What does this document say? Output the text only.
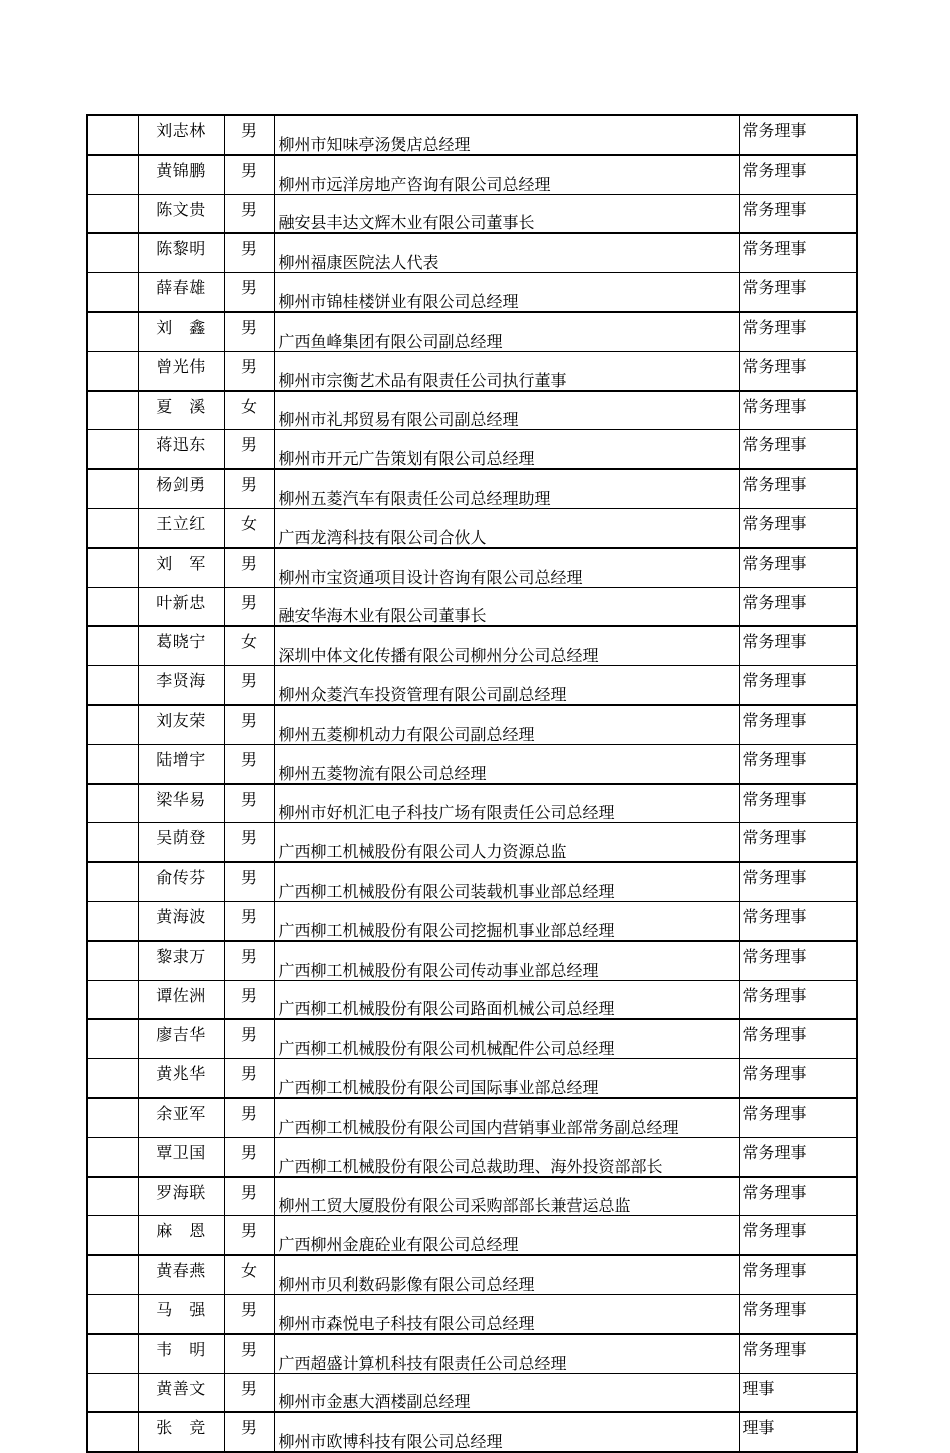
	刘志林	男	柳州市知味亭汤煲店总经理	常务理事
	黄锦鹏	男	柳州市远洋房地产咨询有限公司总经理	常务理事
	陈文贵	男	融安县丰达文辉木业有限公司董事长	常务理事
	陈黎明	男	柳州福康医院法人代表	常务理事
	薛春雄	男	柳州市锦桂楼饼业有限公司总经理	常务理事
	刘　鑫	男	广西鱼峰集团有限公司副总经理	常务理事
	曾光伟	男	柳州市宗衡艺术品有限责任公司执行董事	常务理事
	夏　溪	女	柳州市礼邦贸易有限公司副总经理	常务理事
	蒋迅东	男	柳州市开元广告策划有限公司总经理	常务理事
	杨剑勇	男	柳州五菱汽车有限责任公司总经理助理	常务理事
	王立红	女	广西龙湾科技有限公司合伙人	常务理事
	刘　军	男	柳州市宝资通项目设计咨询有限公司总经理	常务理事
	叶新忠	男	融安华海木业有限公司董事长	常务理事
	葛晓宁	女	深圳中体文化传播有限公司柳州分公司总经理	常务理事
	李贤海	男	柳州众菱汽车投资管理有限公司副总经理	常务理事
	刘友荣	男	柳州五菱柳机动力有限公司副总经理	常务理事
	陆增宇	男	柳州五菱物流有限公司总经理	常务理事
	梁华易	男	柳州市好机汇电子科技广场有限责任公司总经理	常务理事
	吴荫登	男	广西柳工机械股份有限公司人力资源总监	常务理事
	俞传芬	男	广西柳工机械股份有限公司装载机事业部总经理	常务理事
	黄海波	男	广西柳工机械股份有限公司挖掘机事业部总经理	常务理事
	黎隶万	男	广西柳工机械股份有限公司传动事业部总经理	常务理事
	谭佐洲	男	广西柳工机械股份有限公司路面机械公司总经理	常务理事
	廖吉华	男	广西柳工机械股份有限公司机械配件公司总经理	常务理事
	黄兆华	男	广西柳工机械股份有限公司国际事业部总经理	常务理事
	余亚军	男	广西柳工机械股份有限公司国内营销事业部常务副总经理	常务理事
	覃卫国	男	广西柳工机械股份有限公司总裁助理、海外投资部部长	常务理事
	罗海联	男	柳州工贸大厦股份有限公司采购部部长兼营运总监	常务理事
	麻　恩	男	广西柳州金鹿砼业有限公司总经理	常务理事
	黄春燕	女	柳州市贝利数码影像有限公司总经理	常务理事
	马　强	男	柳州市森悦电子科技有限公司总经理	常务理事
	韦　明	男	广西超盛计算机科技有限责任公司总经理	常务理事
	黄善文	男	柳州市金惠大酒楼副总经理	理事
	张　竞	男	柳州市欧博科技有限公司总经理	理事
